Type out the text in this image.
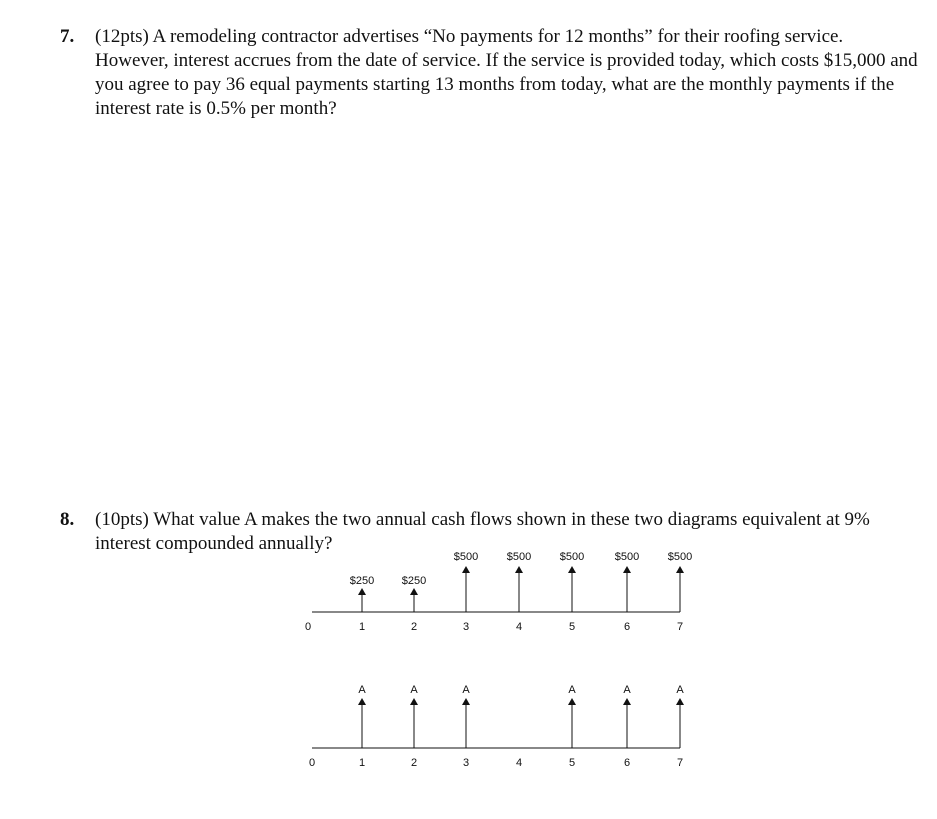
7. (12pts) A remodeling contractor advertises “No payments for 12 months” for their roofing service. However, interest accrues from the date of service. If the service is provided today, which costs $15,000 and you agree to pay 36 equal payments starting 13 months from today, what are the monthly payments if the interest rate is 0.5% per month?
8. (10pts) What value A makes the two annual cash flows shown in these two diagrams equivalent at 9% interest compounded annually?
0	1	2	3	4	5	6	7
$250	$250
$500	$500	$500	$500	$500
0	1	2	3	4	5	6	7
A	A	A	A	A	A
